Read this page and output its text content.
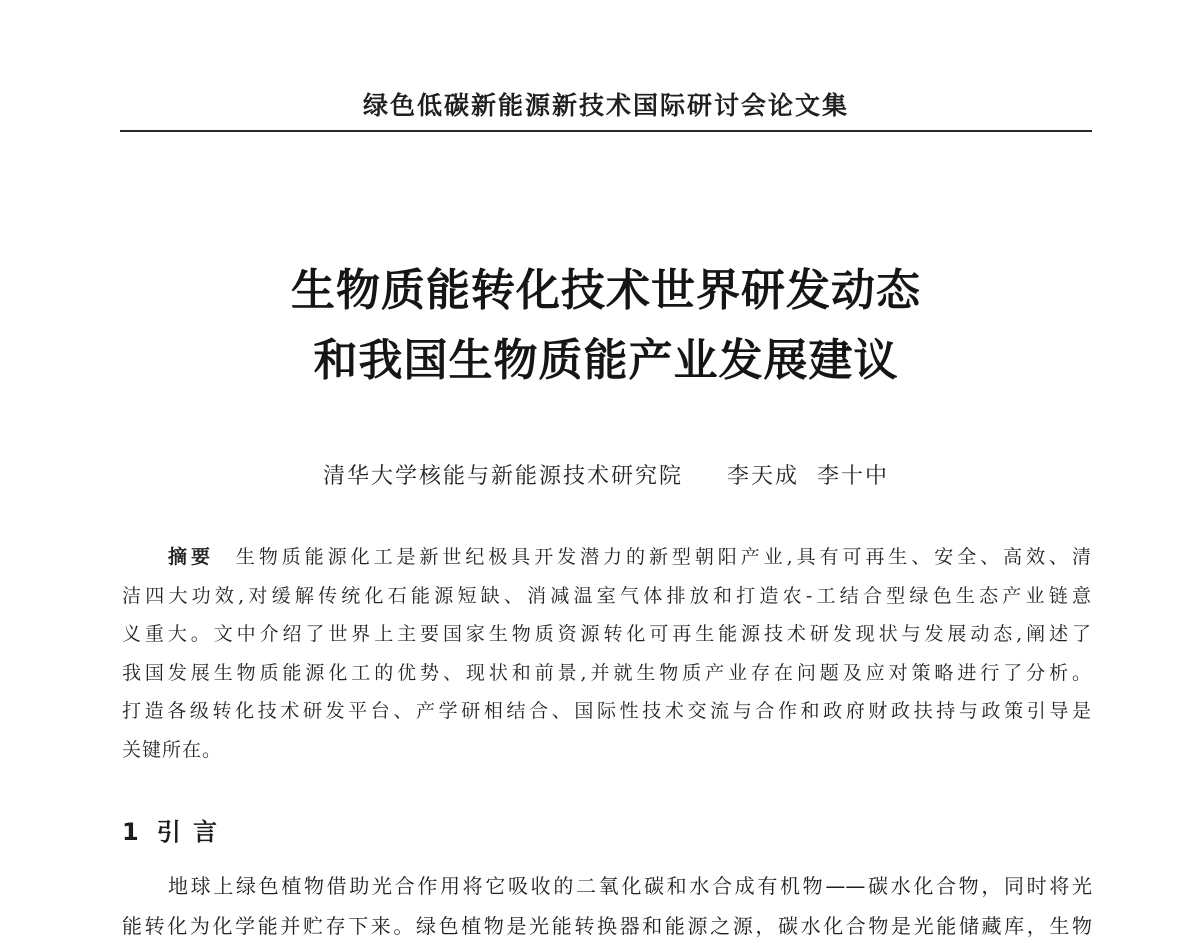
绿色低碳新能源新技术国际研讨会论文集
生物质能转化技术世界研发动态
和我国生物质能产业发展建议
清华大学核能与新能源技术研究院 李天成 李十中
摘要 生物质能源化工是新世纪极具开发潜力的新型朝阳产业,具有可再生、安全、高效、清
洁四大功效,对缓解传统化石能源短缺、消减温室气体排放和打造农-工结合型绿色生态产业链意
义重大。文中介绍了世界上主要国家生物质资源转化可再生能源技术研发现状与发展动态,阐述了
我国发展生物质能源化工的优势、现状和前景,并就生物质产业存在问题及应对策略进行了分析。
打造各级转化技术研发平台、产学研相结合、国际性技术交流与合作和政府财政扶持与政策引导是
关键所在。
1 引 言
地球上绿色植物借助光合作用将它吸收的二氧化碳和水合成有机物——碳水化合物，同时将光
能转化为化学能并贮存下来。绿色植物是光能转换器和能源之源，碳水化合物是光能储藏库，生物
